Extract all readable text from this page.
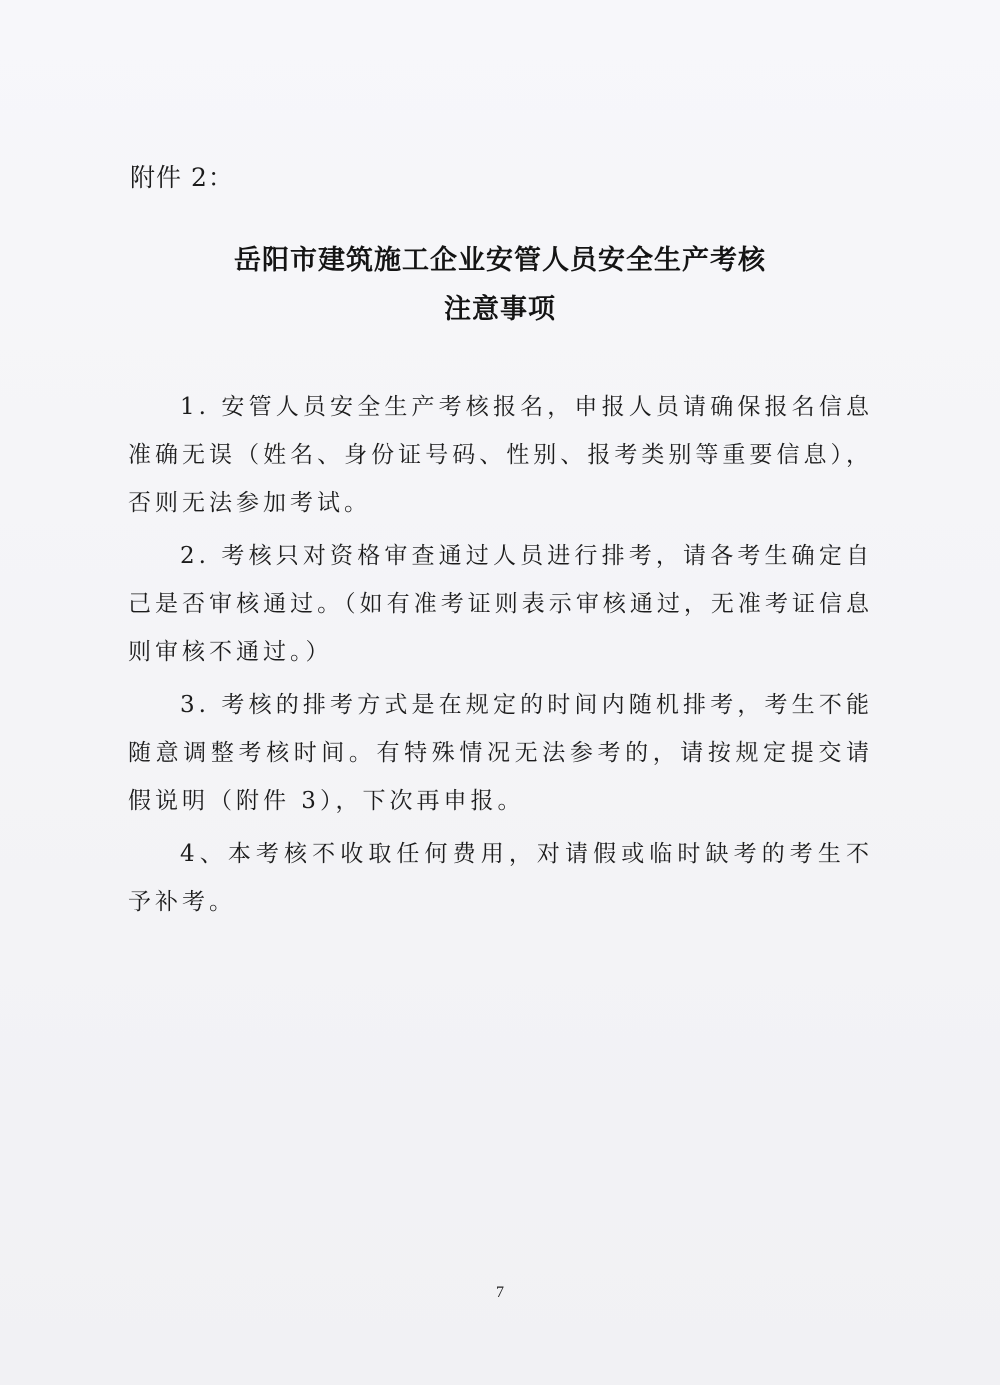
附件 2：
岳阳市建筑施工企业安管人员安全生产考核
注意事项

1. 安管人员安全生产考核报名，申报人员请确保报名信息准确无误（姓名、身份证号码、性别、报考类别等重要信息），否则无法参加考试。

2. 考核只对资格审查通过人员进行排考，请各考生确定自己是否审核通过。（如有准考证则表示审核通过，无准考证信息则审核不通过。）

3. 考核的排考方式是在规定的时间内随机排考，考生不能随意调整考核时间。有特殊情况无法参考的，请按规定提交请假说明（附件 3），下次再申报。

4、本考核不收取任何费用，对请假或临时缺考的考生不予补考。

7
